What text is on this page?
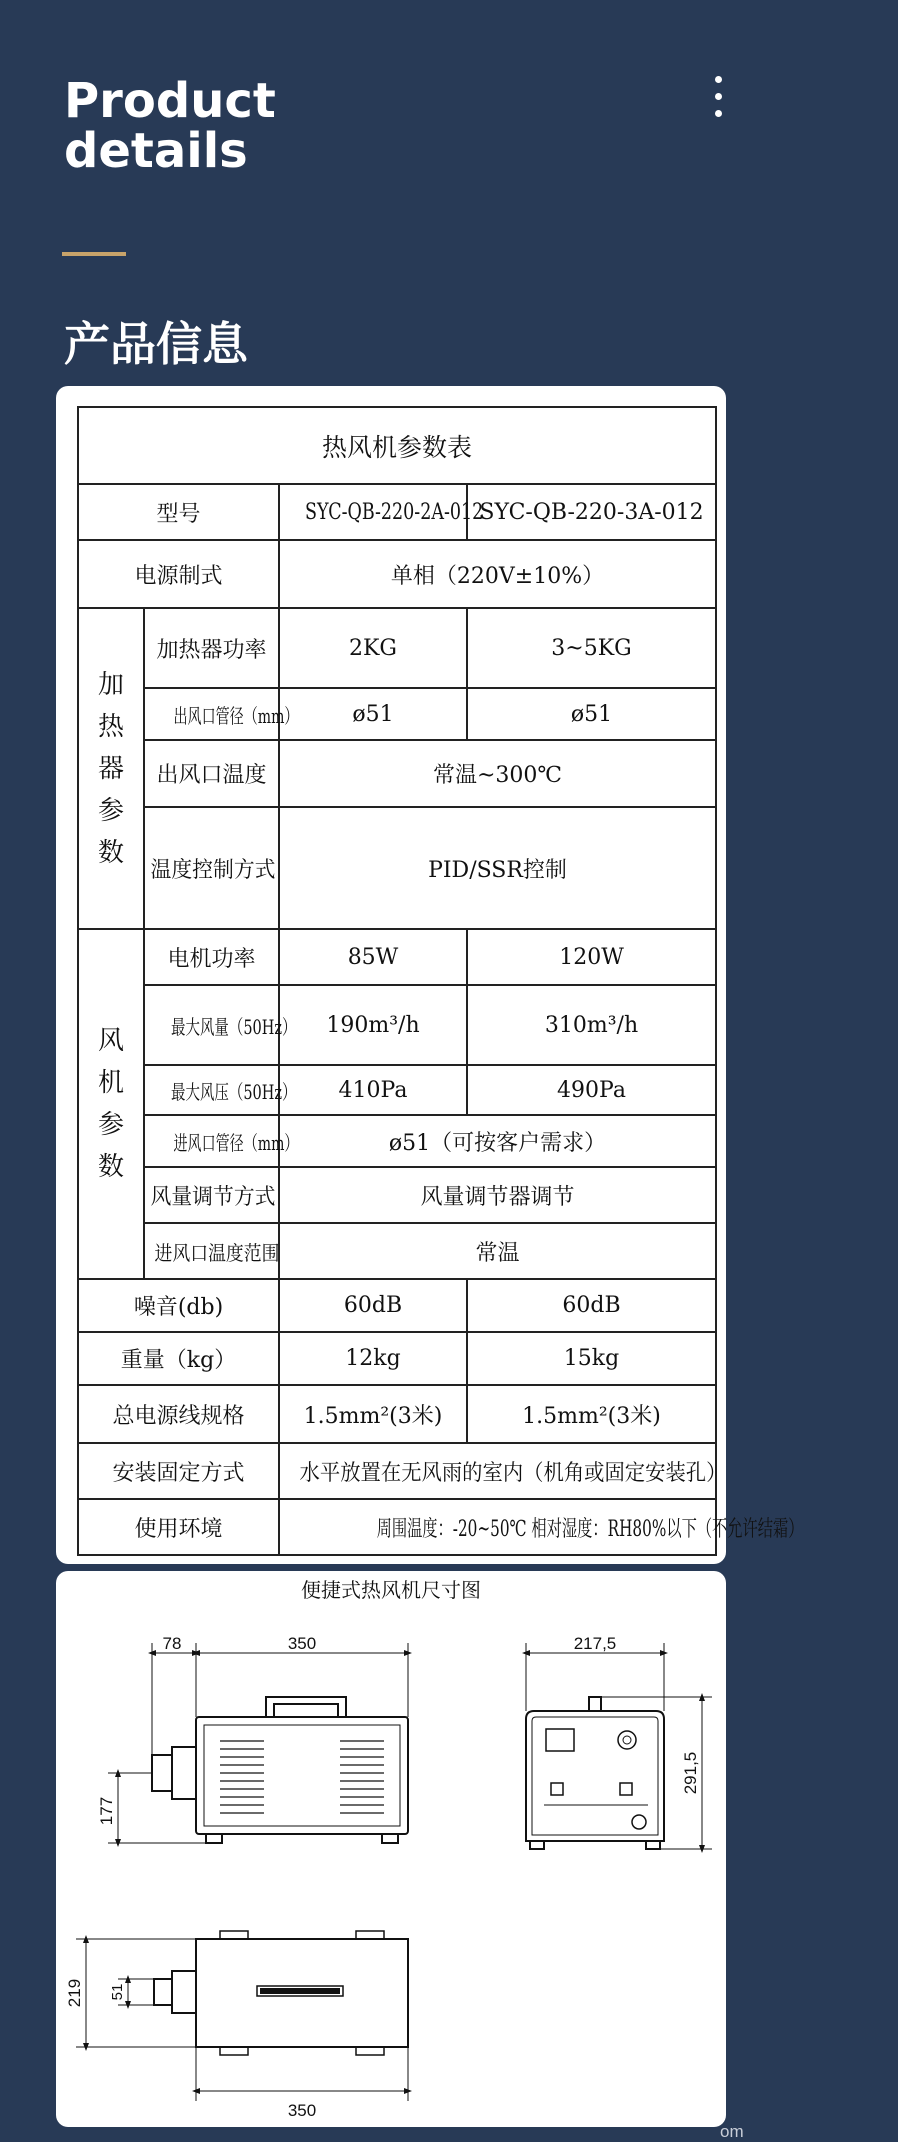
Product
details
产品信息
热风机参数表			
型号		SYC-QB-220-2A-012	SYC-QB-220-3A-012
电源制式		单相（220V±10%）	
加
热
器
参
数	加热器功率	2KG	3~5KG
	出风口管径（mm）	ø51	ø51
	出风口温度	常温~300℃	
	温度控制方式	PID/SSR控制	
风
机
参
数	电机功率	85W	120W
	最大风量（50Hz）	190m³/h	310m³/h
	最大风压（50Hz）	410Pa	490Pa
	进风口管径（mm）	ø51（可按客户需求）	
	风量调节方式	风量调节器调节	
	进风口温度范围	常温	
噪音(db)		60dB	60dB
重量（kg）		12kg	15kg
总电源线规格		1.5mm²(3米)	1.5mm²(3米)
安装固定方式		水平放置在无风雨的室内（机角或固定安装孔）	
使用环境		周围温度：-20~50℃ 相对湿度：RH80%以下（不允许结霜）	
便捷式热风机尺寸图
78	350
177
217,5
291,5
219 51
350
om
